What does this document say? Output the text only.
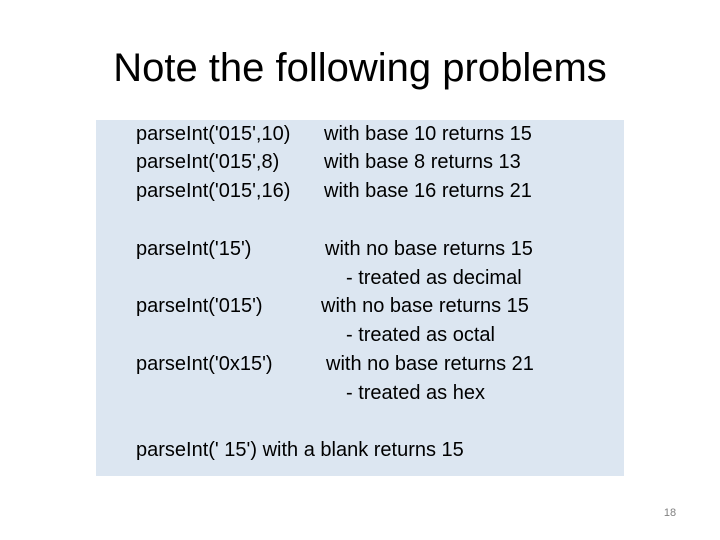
Note the following problems
parseInt('015',10) with base 10 returns 15
parseInt('015',8) with base 8 returns 13
parseInt('015',16) with base 16 returns 21
parseInt('15')	with no base returns 15
- treated as decimal
parseInt('015')	with no base returns 15
- treated as octal
parseInt('0x15')	with no base returns 21
- treated as hex
parseInt(' 15') with a blank returns 15
18
